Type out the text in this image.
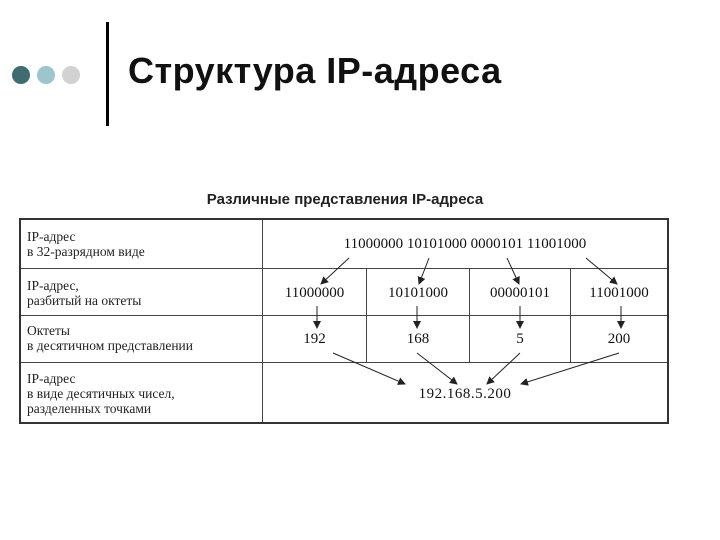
Структура IP-адреса
Различные представления IP-адреса
IP-адрес
в 32-разрядном виде	11000000 10101000 0000101 11001000
IP-адрес,
разбитый на октеты	11000000	10101000	00000101	11001000
Октеты
в десятичном представлении	192	168	5	200
IP-адрес
в виде десятичных чисел,
разделенных точками
192.168.5.200
